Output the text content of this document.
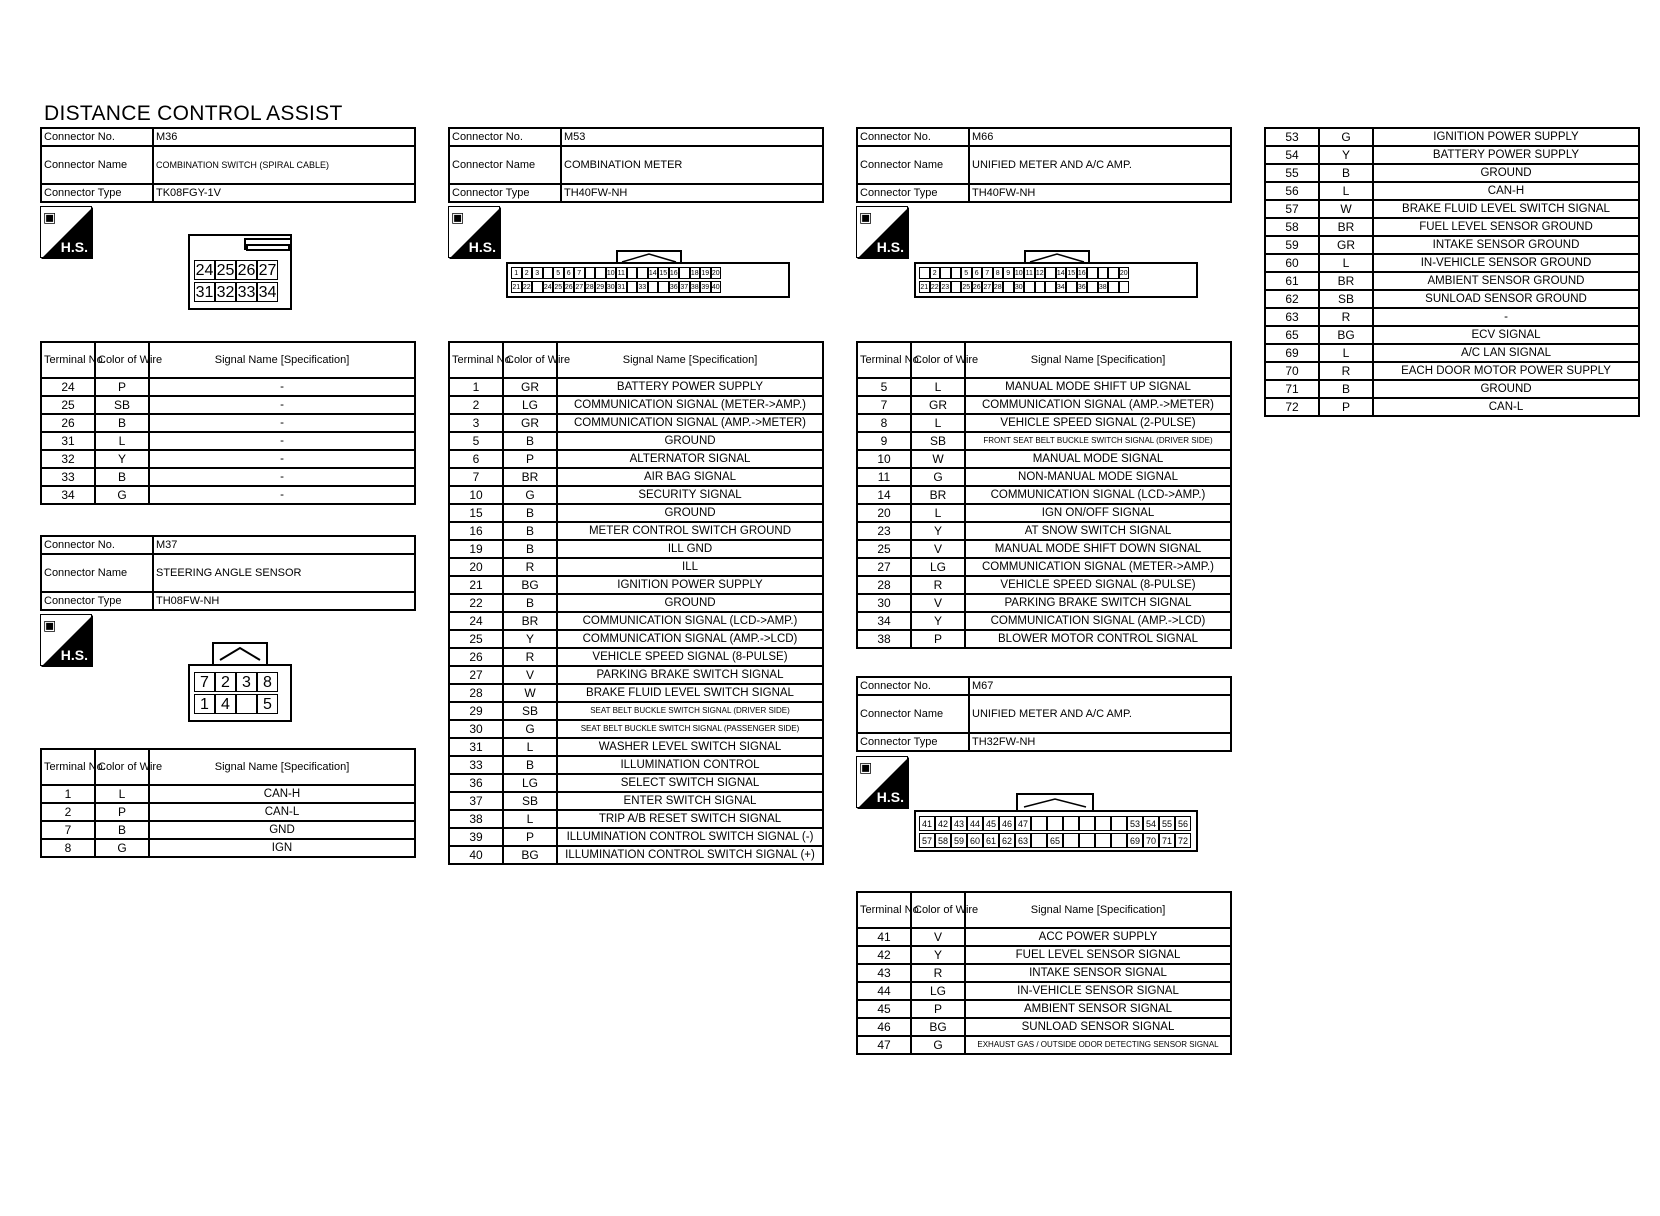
DISTANCE CONTROL ASSIST
Connector No.	M36
Connector Name	COMBINATION SWITCH (SPIRAL CABLE)
Connector Type	TK08FGY-1V
▣
H.S.
24 25 26 27
31 32 33 34
Terminal No.	Color of Wire	Signal Name [Specification]
24	P	-
25	SB	-
26	B	-
31	L	-
32	Y	-
33	B	-
34	G	-
Connector No.	M37
Connector Name	STEERING ANGLE SENSOR
Connector Type	TH08FW-NH
▣
H.S.
7 2 3 8
1 4	5
Terminal No.	Color of Wire	Signal Name [Specification]
1	L	CAN-H
2	P	CAN-L
7	B	GND
8	G	IGN
Connector No.	M53
Connector Name	COMBINATION METER
Connector Type	TH40FW-NH
▣
H.S.
1 2 3	5 6 7	10 11	14 15 16 18 19 20
21 22 24 25 26 27 28 29 30 31 33	36 37 38 39 40
Terminal No.	Color of Wire	Signal Name [Specification]
1	GR	BATTERY POWER SUPPLY
2	LG	COMMUNICATION SIGNAL (METER->AMP.)
3	GR	COMMUNICATION SIGNAL (AMP.->METER)
5	B	GROUND
6	P	ALTERNATOR SIGNAL
7	BR	AIR BAG SIGNAL
10	G	SECURITY SIGNAL
15	B	GROUND
16	B	METER CONTROL SWITCH GROUND
19	B	ILL GND
20	R	ILL
21	BG	IGNITION POWER SUPPLY
22	B	GROUND
24	BR	COMMUNICATION SIGNAL (LCD->AMP.)
25	Y	COMMUNICATION SIGNAL (AMP.->LCD)
26	R	VEHICLE SPEED SIGNAL (8-PULSE)
27	V	PARKING BRAKE SWITCH SIGNAL
28	W	BRAKE FLUID LEVEL SWITCH SIGNAL
29	SB	SEAT BELT BUCKLE SWITCH SIGNAL (DRIVER SIDE)
30	G	SEAT BELT BUCKLE SWITCH SIGNAL (PASSENGER SIDE)
31	L	WASHER LEVEL SWITCH SIGNAL
33	B	ILLUMINATION CONTROL
36	LG	SELECT SWITCH SIGNAL
37	SB	ENTER SWITCH SIGNAL
38	L	TRIP A/B RESET SWITCH SIGNAL
39	P	ILLUMINATION CONTROL SWITCH SIGNAL (-)
40	BG	ILLUMINATION CONTROL SWITCH SIGNAL (+)
Connector No.	M66
Connector Name	UNIFIED METER AND A/C AMP.
Connector Type	TH40FW-NH
▣
H.S.
2	5 6 7 8 9 10 11 12 14 15 16	20
21 22 23 25 26 27 28 30	34 36 38
Terminal No.	Color of Wire	Signal Name [Specification]
5	L	MANUAL MODE SHIFT UP SIGNAL
7	GR	COMMUNICATION SIGNAL (AMP.->METER)
8	L	VEHICLE SPEED SIGNAL (2-PULSE)
9	SB	FRONT SEAT BELT BUCKLE SWITCH SIGNAL (DRIVER SIDE)
10	W	MANUAL MODE SIGNAL
11	G	NON-MANUAL MODE SIGNAL
14	BR	COMMUNICATION SIGNAL (LCD->AMP.)
20	L	IGN ON/OFF SIGNAL
23	Y	AT SNOW SWITCH SIGNAL
25	V	MANUAL MODE SHIFT DOWN SIGNAL
27	LG	COMMUNICATION SIGNAL (METER->AMP.)
28	R	VEHICLE SPEED SIGNAL (8-PULSE)
30	V	PARKING BRAKE SWITCH SIGNAL
34	Y	COMMUNICATION SIGNAL (AMP.->LCD)
38	P	BLOWER MOTOR CONTROL SIGNAL
Connector No.	M67
Connector Name	UNIFIED METER AND A/C AMP.
Connector Type	TH32FW-NH
▣
H.S.
41 42 43 44 45 46 47	53 54 55 56
57 58 59 60 61 62 63	65	69 70 71 72
Terminal No.	Color of Wire	Signal Name [Specification]
41	V	ACC POWER SUPPLY
42	Y	FUEL LEVEL SENSOR SIGNAL
43	R	INTAKE SENSOR SIGNAL
44	LG	IN-VEHICLE SENSOR SIGNAL
45	P	AMBIENT SENSOR SIGNAL
46	BG	SUNLOAD SENSOR SIGNAL
47	G	EXHAUST GAS / OUTSIDE ODOR DETECTING SENSOR SIGNAL
53	G	IGNITION POWER SUPPLY
54	Y	BATTERY POWER SUPPLY
55	B	GROUND
56	L	CAN-H
57	W	BRAKE FLUID LEVEL SWITCH SIGNAL
58	BR	FUEL LEVEL SENSOR GROUND
59	GR	INTAKE SENSOR GROUND
60	L	IN-VEHICLE SENSOR GROUND
61	BR	AMBIENT SENSOR GROUND
62	SB	SUNLOAD SENSOR GROUND
63	R	-
65	BG	ECV SIGNAL
69	L	A/C LAN SIGNAL
70	R	EACH DOOR MOTOR POWER SUPPLY
71	B	GROUND
72	P	CAN-L
